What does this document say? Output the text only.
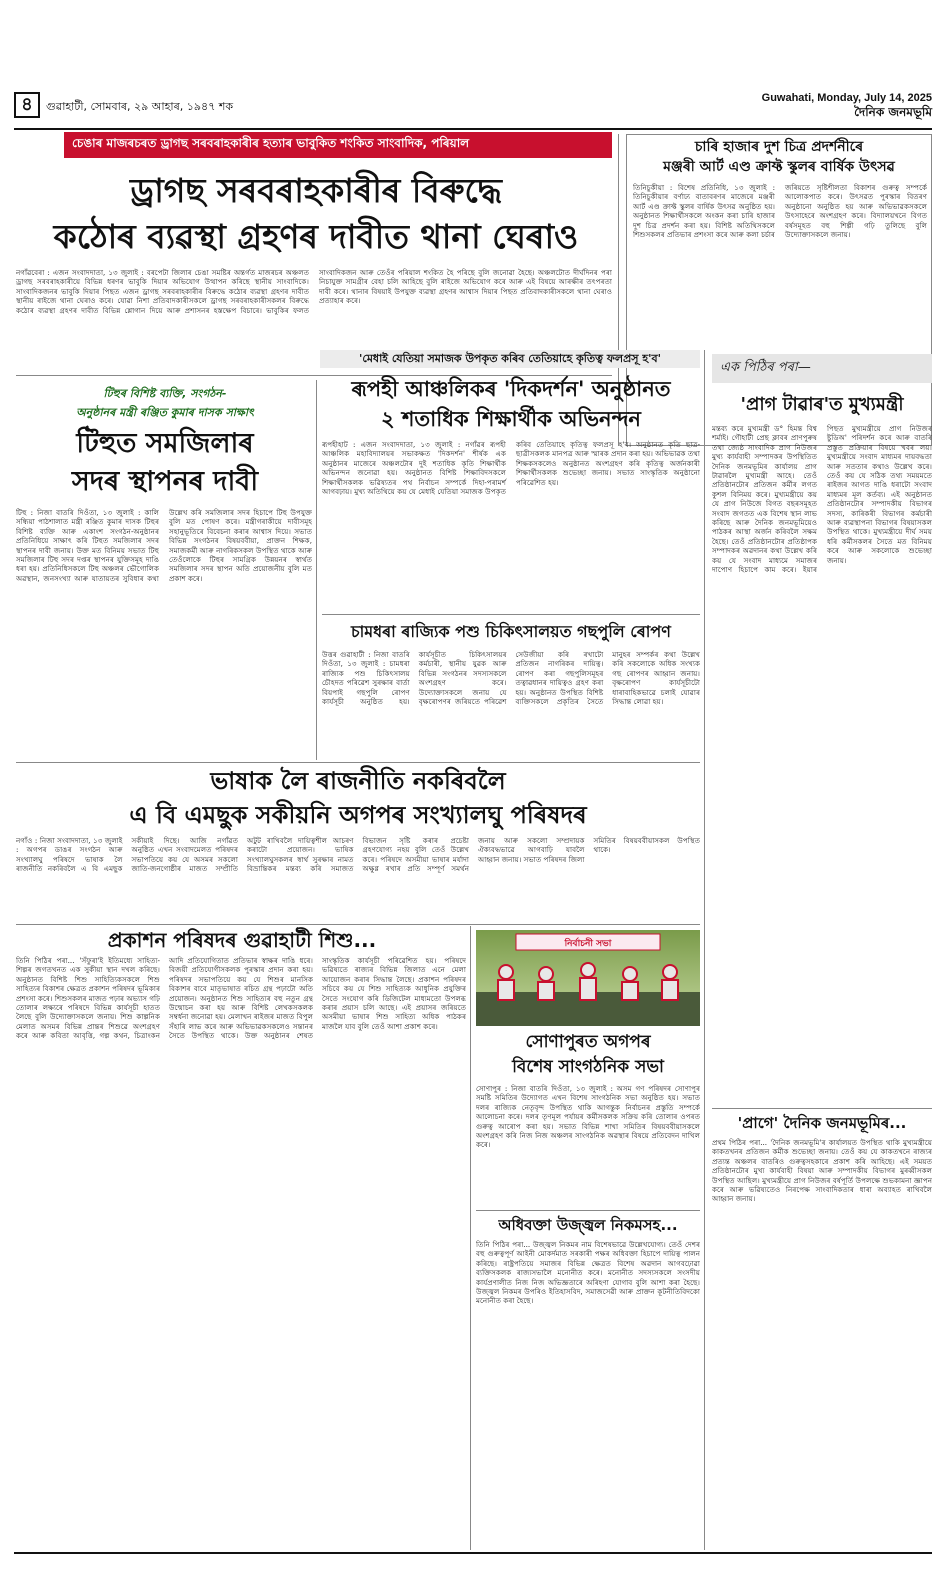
৪	গুৱাহাটী, সোমবাৰ, ২৯ আহাৰ, ১৯৪৭ শক
Guwahati, Monday, July 14, 2025
দৈনিক জনমভূমি
চেঙাৰ মাজৰচৰত ড্ৰাগছ সৰবৰাহকাৰীৰ হত্যাৰ ভাবুকিত শংকিত সাংবাদিক, পৰিয়াল
ড্ৰাগছ সৰবৰাহকাৰীৰ বিৰুদ্ধে
কঠোৰ ব্যৱস্থা গ্ৰহণৰ দাবীত থানা ঘেৰাও
নগাঁৱবেৰা : এজন সংবাদদাতা, ১৩ জুলাই : বৰপেটা জিলাৰ চেঙা সমষ্টিৰ অন্তৰ্গত মাজৰচৰ অঞ্চলত ড্ৰাগছ সৰবৰাহকাৰীয়ে বিভিন্ন ধৰণৰ ভাবুকি দিয়াৰ অভিযোগ উত্থাপন কৰিছে স্থানীয় সাংবাদিকে। সাংবাদিকজনৰ ভাবুকি দিয়াৰ পিছত এজন ড্ৰাগছ সৰবৰাহকাৰীৰ বিৰুদ্ধে কঠোৰ ব্যৱস্থা গ্ৰহণৰ দাবীত স্থানীয় ৰাইজে থানা ঘেৰাও কৰে। যোৱা নিশা প্ৰতিবাদকাৰীসকলে ড্ৰাগছ সৰবৰাহকাৰীসকলৰ বিৰুদ্ধে কঠোৰ ব্যৱস্থা গ্ৰহণৰ দাবীত বিভিন্ন শ্লোগান দিয়ে আৰু প্ৰশাসনৰ হস্তক্ষেপ বিচাৰে। ভাবুকিৰ ফলত সাংবাদিকজন আৰু তেওঁৰ পৰিয়াল শংকিত হৈ পৰিছে বুলি জনোৱা হৈছে। অঞ্চলটোত দীৰ্ঘদিনৰ পৰা নিচাযুক্ত সামগ্ৰীৰ বেহা চলি আহিছে বুলি ৰাইজে অভিযোগ কৰে আৰু এই বিষয়ে আৰক্ষীৰ তৎপৰতা দাবী কৰে। থানাৰ বিষয়াই উপযুক্ত ব্যৱস্থা গ্ৰহণৰ আশ্বাস দিয়াৰ পিছত প্ৰতিবাদকাৰীসকলে থানা ঘেৰাও প্ৰত্যাহাৰ কৰে।
চাৰি হাজাৰ দুশ চিত্ৰ প্ৰদৰ্শনীৰে
মঞ্জৰী আৰ্ট এণ্ড ক্ৰাফ্ট স্কুলৰ বাৰ্ষিক উৎসৱ
তিনিচুকীয়া : বিশেষ প্ৰতিনিধি, ১৩ জুলাই : তিনিচুকীয়াৰ বৰ্ণাঢ্য বাতাবৰণৰ মাজেৰে মঞ্জৰী আৰ্ট এণ্ড ক্ৰাফ্ট স্কুলৰ বাৰ্ষিক উৎসৱ অনুষ্ঠিত হয়। অনুষ্ঠানত শিক্ষাৰ্থীসকলে অংকন কৰা চাৰি হাজাৰ দুশ চিত্ৰ প্ৰদৰ্শন কৰা হয়। বিশিষ্ট অতিথিসকলে শিশুসকলৰ প্ৰতিভাৰ প্ৰশংসা কৰে আৰু কলা চৰ্চাৰ জৰিয়তে সৃষ্টিশীলতা বিকাশৰ গুৰুত্ব সম্পৰ্কে আলোকপাত কৰে। উৎসৱত পুৰস্কাৰ বিতৰণ অনুষ্ঠানো অনুষ্ঠিত হয় আৰু অভিভাৱকসকলে উৎসাহেৰে অংশগ্ৰহণ কৰে। বিদ্যালয়খনে বিগত বৰ্ষসমূহত বহু শিল্পী গঢ়ি তুলিছে বুলি উদ্যোক্তাসকলে জনায়।
টিহুৰ বিশিষ্ট ব্যক্তি, সংগঠন-
অনুষ্ঠানৰ মন্ত্ৰী ৰঞ্জিত কুমাৰ দাসক সাক্ষাৎ
টিহুত সমজিলাৰ
সদৰ স্থাপনৰ দাবী
টিহু : নিজা বাতৰি দিওঁতা, ১৩ জুলাই : কালি সন্ধিয়া পাঠশালাত মন্ত্ৰী ৰঞ্জিত কুমাৰ দাসক টিহুৰ বিশিষ্ট ব্যক্তি আৰু একাংশ সংগঠন-অনুষ্ঠানৰ প্ৰতিনিধিয়ে সাক্ষাৎ কৰি টিহুত সমজিলাৰ সদৰ স্থাপনৰ দাবী জনায়। উক্ত মত বিনিময় সভাত টিহু সমজিলাৰ টিহু সদৰ দপ্তৰ স্থাপনৰ যুক্তিসমূহ দাঙি ধৰা হয়। প্ৰতিনিধিসকলে টিহু অঞ্চলৰ ভৌগোলিক অৱস্থান, জনসংখ্যা আৰু যাতায়তৰ সুবিধাৰ কথা উল্লেখ কৰি সমজিলাৰ সদৰ হিচাপে টিহু উপযুক্ত বুলি মত পোষণ কৰে। মন্ত্ৰীগৰাকীয়ে দাবীসমূহ সহানুভূতিৰে বিবেচনা কৰাৰ আশ্বাস দিয়ে। সভাত বিভিন্ন সংগঠনৰ বিষয়ববীয়া, প্ৰাক্তন শিক্ষক, সমাজকৰ্মী আৰু নাগৰিকসকল উপস্থিত থাকে আৰু তেওঁলোকে টিহুৰ সামগ্ৰিক উন্নয়নৰ স্বাৰ্থত সমজিলাৰ সদৰ স্থাপন অতি প্ৰয়োজনীয় বুলি মত প্ৰকাশ কৰে।
'মেধাই যেতিয়া সমাজক উপকৃত কৰিব তেতিয়াহে কৃতিত্ব ফলপ্ৰসূ হ'ব'
ৰূপহী আঞ্চলিকৰ 'দিকদৰ্শন' অনুষ্ঠানত
২ শতাধিক শিক্ষাৰ্থীক অভিনন্দন
ৰূপহীহাট : এজন সংবাদদাতা, ১৩ জুলাই : নগাঁৱৰ ৰূপহী আঞ্চলিক মহাবিদ্যালয়ৰ সভাকক্ষত 'দিকদৰ্শন' শীৰ্ষক এক অনুষ্ঠানৰ মাজেৰে অঞ্চলটোৰ দুই শতাধিক কৃতি শিক্ষাৰ্থীক অভিনন্দন জনোৱা হয়। অনুষ্ঠানত বিশিষ্ট শিক্ষাবিদসকলে শিক্ষাৰ্থীসকলক ভৱিষ্যতৰ পথ নিৰ্বাচন সম্পৰ্কে দিহা-পৰামৰ্শ আগবঢ়ায়। মুখ্য অতিথিয়ে কয় যে মেধাই যেতিয়া সমাজক উপকৃত কৰিব তেতিয়াহে কৃতিত্ব ফলপ্ৰসূ হ'ব। অনুষ্ঠানত কৃতি ছাত্ৰ-ছাত্ৰীসকলক মানপত্ৰ আৰু স্মাৰক প্ৰদান কৰা হয়। অভিভাৱক তথা শিক্ষকসকলেও অনুষ্ঠানত অংশগ্ৰহণ কৰি কৃতিত্ব অৰ্জনকাৰী শিক্ষাৰ্থীসকলক শুভেচ্ছা জনায়। সভাত সাংস্কৃতিক অনুষ্ঠানো পৰিৱেশিত হয়।
চামধৰা ৰাজ্যিক পশু চিকিৎসালয়ত গছপুলি ৰোপণ
উত্তৰ গুৱাহাটী : নিজা বাতৰি দিওঁতা, ১৩ জুলাই : চামধৰা ৰাজ্যিক পশু চিকিৎসালয় চৌহদত পৰিৱেশ সুৰক্ষাৰ বাৰ্তা বিয়পাই গছপুলি ৰোপণ কাৰ্যসূচী অনুষ্ঠিত হয়। কাৰ্যসূচীত চিকিৎসালয়ৰ কৰ্মচাৰী, স্থানীয় যুৱক আৰু বিভিন্ন সংগঠনৰ সদস্যসকলে অংশগ্ৰহণ কৰে। উদ্যোক্তাসকলে জনায় যে বৃক্ষৰোপণৰ জৰিয়তে পৰিৱেশ সেউজীয়া কৰি ৰখাটো প্ৰতিজন নাগৰিকৰ দায়িত্ব। ৰোপণ কৰা গছপুলিসমূহৰ তত্বাৱধানৰ দায়িত্বও গ্ৰহণ কৰা হয়। অনুষ্ঠানত উপস্থিত বিশিষ্ট ব্যক্তিসকলে প্ৰকৃতিৰ সৈতে মানুহৰ সম্পৰ্কৰ কথা উল্লেখ কৰি সকলোকে অধিক সংখ্যক গছ ৰোপণৰ আহ্বান জনায়। বৃক্ষৰোপণ কাৰ্যসূচীটো ধাৰাবাহিকভাৱে চলাই যোৱাৰ সিদ্ধান্ত লোৱা হয়।
এক পিঠিৰ পৰা—
'প্ৰাগ টাৱাৰ'ত মুখ্যমন্ত্ৰী
মন্তব্য কৰে মুখ্যমন্ত্ৰী ড° হিমন্ত বিশ্ব শৰ্মাই। গৌহাটী প্ৰেছ ক্লাবৰ প্ৰাণপুৰুষ তথা জ্যেষ্ঠ সাংবাদিক প্ৰাগ নিউজৰ মুখ্য কাৰ্যবাহী সম্পাদকৰ উপস্থিতিত দৈনিক জনমভূমিৰ কাৰ্যালয় প্ৰাগ টাৱাৰলৈ মুখ্যমন্ত্ৰী আহে। তেওঁ প্ৰতিষ্ঠানটোৰ প্ৰতিজন কৰ্মীৰ লগত কুশল বিনিময় কৰে। মুখ্যমন্ত্ৰীয়ে কয় যে প্ৰাগ নিউজে বিগত বছৰসমূহত সংবাদ জগতত এক বিশেষ স্থান লাভ কৰিছে আৰু দৈনিক জনমভূমিয়েও পাঠকৰ আস্থা অৰ্জন কৰিবলৈ সক্ষম হৈছে। তেওঁ প্ৰতিষ্ঠানটোৰ প্ৰতিষ্ঠাপক সম্পাদকৰ অৱদানৰ কথা উল্লেখ কৰি কয় যে সংবাদ মাধ্যমে সমাজৰ দাপোণ হিচাপে কাম কৰে। ইয়াৰ পিছত মুখ্যমন্ত্ৰীয়ে প্ৰাগ নিউজৰ ষ্টুডিঅ' পৰিদৰ্শন কৰে আৰু বাতৰি প্ৰস্তুত প্ৰক্ৰিয়াৰ বিষয়ে খবৰ লয়। মুখ্যমন্ত্ৰীয়ে সংবাদ মাধ্যমৰ দায়বদ্ধতা আৰু সততাৰ কথাও উল্লেখ কৰে। তেওঁ কয় যে সঠিক তথ্য সময়মতে ৰাইজৰ আগত দাঙি ধৰাটো সংবাদ মাধ্যমৰ মূল কৰ্তব্য। এই অনুষ্ঠানত প্ৰতিষ্ঠানটোৰ সম্পাদকীয় বিভাগৰ সদস্য, কাৰিকৰী বিভাগৰ কৰ্মচাৰী আৰু ব্যৱস্থাপনা বিভাগৰ বিষয়াসকল উপস্থিত থাকে। মুখ্যমন্ত্ৰীয়ে দীৰ্ঘ সময় ধৰি কৰ্মীসকলৰ সৈতে মত বিনিময় কৰে আৰু সকলোকে শুভেচ্ছা জনায়।
ভাষাক লৈ ৰাজনীতি নকৰিবলৈ
এ বি এমছুক সকীয়নি অগপৰ সংখ্যালঘু পৰিষদৰ
নগাঁও : নিজা সংবাদদাতা, ১৩ জুলাই : অগপৰ ডাঙৰ সংগঠন আৰু সংখ্যালঘু পৰিষদে ভাষাক লৈ ৰাজনীতি নকৰিবলৈ এ বি এমছুক সকীয়াই দিছে। আজি নগাঁৱত অনুষ্ঠিত এখন সংবাদমেলত পৰিষদৰ সভাপতিয়ে কয় যে অসমৰ সকলো জাতি-জনগোষ্ঠীৰ মাজত সম্প্ৰীতি অটুট ৰাখিবলৈ দায়িত্বশীল আচৰণ কৰাটো প্ৰয়োজন। ভাষিক সংখ্যালঘুসকলৰ স্বাৰ্থ সুৰক্ষাৰ নামত বিভ্ৰান্তিকৰ মন্তব্য কৰি সমাজত বিভাজন সৃষ্টি কৰাৰ প্ৰচেষ্টা গ্ৰহণযোগ্য নহয় বুলি তেওঁ উল্লেখ কৰে। পৰিষদে অসমীয়া ভাষাৰ মৰ্যাদা অক্ষুণ্ণ ৰখাৰ প্ৰতি সম্পূৰ্ণ সমৰ্থন জনায় আৰু সকলো সম্প্ৰদায়ক ঐক্যবদ্ধভাৱে আগবাঢ়ি যাবলৈ আহ্বান জনায়। সভাত পৰিষদৰ জিলা সমিতিৰ বিষয়ববীয়াসকল উপস্থিত থাকে।
প্ৰকাশন পৰিষদৰ গুৱাহাটী শিশু...
তিনি পিঠিৰ পৰা... 'সঁফুৰা'ই ইতিমধ্যে সাহিত্য-শিল্পৰ জগতখনত এক সুকীয়া স্থান দখল কৰিছে। অনুষ্ঠানত বিশিষ্ট শিশু সাহিত্যিকসকলে শিশু সাহিত্যৰ বিকাশৰ ক্ষেত্ৰত প্ৰকাশন পৰিষদৰ ভূমিকাৰ প্ৰশংসা কৰে। শিশুসকলৰ মাজত পঢ়াৰ অভ্যাস গঢ়ি তোলাৰ লক্ষ্যৰে পৰিষদে বিভিন্ন কাৰ্যসূচী হাতত লৈছে বুলি উদ্যোক্তাসকলে জনায়। শিশু কাল্পনিক মেলাত অসমৰ বিভিন্ন প্ৰান্তৰ শিশুৱে অংশগ্ৰহণ কৰে আৰু কবিতা আবৃত্তি, গল্প কথন, চিত্ৰাংকন আদি প্ৰতিযোগিতাত প্ৰতিভাৰ স্বাক্ষৰ দাঙি ধৰে। বিজয়ী প্ৰতিযোগীসকলক পুৰস্কাৰ প্ৰদান কৰা হয়। পৰিষদৰ সভাপতিয়ে কয় যে শিশুৰ মানসিক বিকাশৰ বাবে মাতৃভাষাত ৰচিত গ্ৰন্থ পঢ়াটো অতি প্ৰয়োজন। অনুষ্ঠানত শিশু সাহিত্যৰ বহু নতুন গ্ৰন্থ উন্মোচন কৰা হয় আৰু বিশিষ্ট লেখকসকলক সম্বৰ্ধনা জনোৱা হয়। মেলাখন ৰাইজৰ মাজত বিপুল সঁহাৰি লাভ কৰে আৰু অভিভাৱকসকলেও সন্তানৰ সৈতে উপস্থিত থাকে। উক্ত অনুষ্ঠানৰ শেষত সাংস্কৃতিক কাৰ্যসূচী পৰিৱেশিত হয়। পৰিষদে ভৱিষ্যতে ৰাজ্যৰ বিভিন্ন জিলাত এনে মেলা আয়োজন কৰাৰ সিদ্ধান্ত লৈছে। প্ৰকাশন পৰিষদৰ সচিবে কয় যে শিশু সাহিত্যক আধুনিক প্ৰযুক্তিৰ সৈতে সংযোগ কৰি ডিজিটেল মাধ্যমতো উপলব্ধ কৰাৰ প্ৰয়াস চলি আছে। এই প্ৰয়াসৰ জৰিয়তে অসমীয়া ভাষাৰ শিশু সাহিত্য অধিক পাঠকৰ মাজলৈ যাব বুলি তেওঁ আশা প্ৰকাশ কৰে।
নিৰ্বাচনী সভা
সোণাপুৰত অগপৰ
বিশেষ সাংগঠনিক সভা
সোণাপুৰ : নিজা বাতৰি দিওঁতা, ১৩ জুলাই : অসম গণ পৰিষদৰ সোণাপুৰ সমষ্টি সমিতিৰ উদ্যোগত এখন বিশেষ সাংগঠনিক সভা অনুষ্ঠিত হয়। সভাত দলৰ ৰাজ্যিক নেতৃবৃন্দ উপস্থিত থাকি আগন্তুক নিৰ্বাচনৰ প্ৰস্তুতি সম্পৰ্কে আলোচনা কৰে। দলৰ তৃণমূল পৰ্যায়ৰ কৰ্মীসকলক সক্ৰিয় কৰি তোলাৰ ওপৰত গুৰুত্ব আৰোপ কৰা হয়। সভাত বিভিন্ন শাখা সমিতিৰ বিষয়ববীয়াসকলে অংশগ্ৰহণ কৰি নিজ নিজ অঞ্চলৰ সাংগঠনিক অৱস্থাৰ বিষয়ে প্ৰতিবেদন দাখিল কৰে।
অধিবক্তা উজ্জ্বল নিকমসহ...
তিনি পিঠিৰ পৰা... উজ্জ্বল নিকমৰ নাম বিশেষভাৱে উল্লেখযোগ্য। তেওঁ দেশৰ বহু গুৰুত্বপূৰ্ণ আইনী মোকৰ্দমাত সৰকাৰী পক্ষৰ অধিবক্তা হিচাপে দায়িত্ব পালন কৰিছে। ৰাষ্ট্ৰপতিয়ে সমাজৰ বিভিন্ন ক্ষেত্ৰত বিশেষ অৱদান আগবঢ়োৱা ব্যক্তিসকলক ৰাজ্যসভালৈ মনোনীত কৰে। মনোনীত সদস্যসকলে সংসদীয় কাৰ্যপ্ৰণালীত নিজ নিজ অভিজ্ঞতাৰে অৰিহণা যোগাব বুলি আশা কৰা হৈছে। উজ্জ্বল নিকমৰ উপৰিও ইতিহাসবিদ, সমাজসেৱী আৰু প্ৰাক্তন কূটনীতিবিদকো মনোনীত কৰা হৈছে।
'প্ৰাগে' দৈনিক জনমভূমিৰ...
প্ৰথম পিঠিৰ পৰা... 'দৈনিক জনমভূমি'ৰ কাৰ্যালয়ত উপস্থিত থাকি মুখ্যমন্ত্ৰীয়ে কাকতখনৰ প্ৰতিজন কৰ্মীক শুভেচ্ছা জনায়। তেওঁ কয় যে কাকতখনে ৰাজ্যৰ প্ৰত্যন্ত অঞ্চলৰ বাতৰিও গুৰুত্বসহকাৰে প্ৰকাশ কৰি আহিছে। এই সময়ত প্ৰতিষ্ঠানটোৰ মুখ্য কাৰ্যবাহী বিষয়া আৰু সম্পাদকীয় বিভাগৰ মুৰব্বীসকল উপস্থিত আছিল। মুখ্যমন্ত্ৰীয়ে প্ৰাগ নিউজৰ বৰ্ষপূৰ্তি উপলক্ষে শুভকামনা জ্ঞাপন কৰে আৰু ভৱিষ্যতেও নিৰপেক্ষ সাংবাদিকতাৰ ধাৰা অব্যাহত ৰাখিবলৈ আহ্বান জনায়।
